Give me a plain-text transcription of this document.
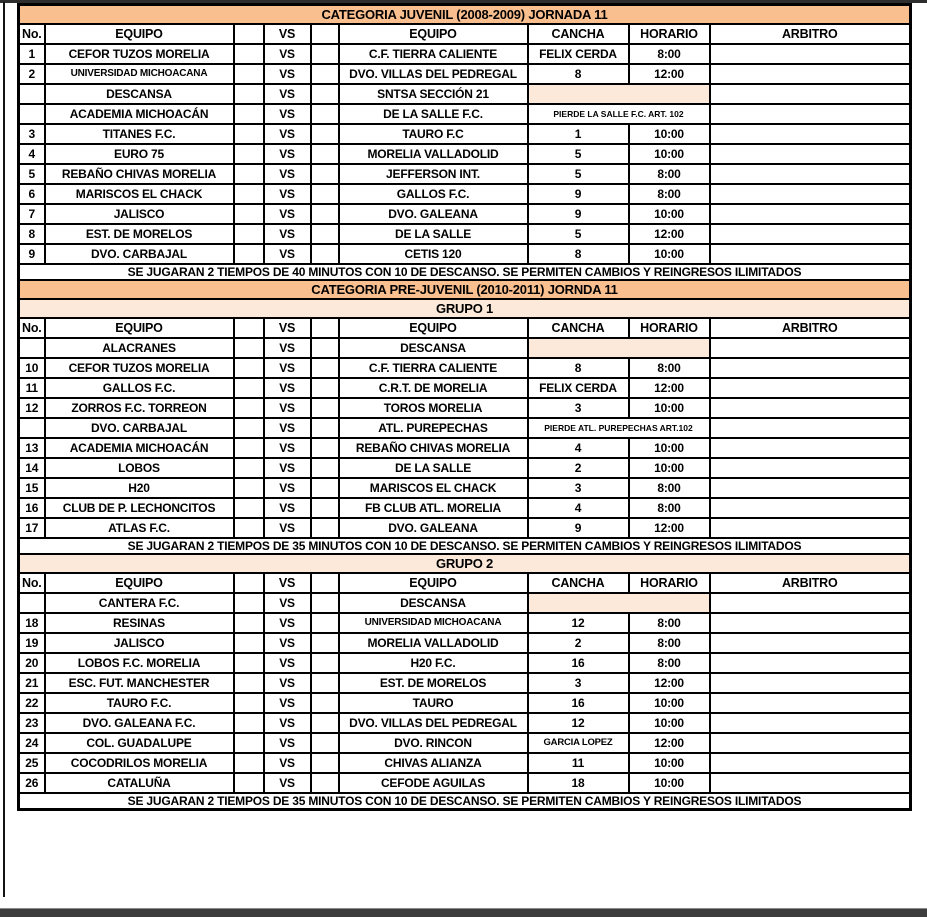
CATEGORIA JUVENIL (2008-2009) JORNADA 11								
No.	EQUIPO		VS		EQUIPO	CANCHA	HORARIO	ARBITRO
1	CEFOR TUZOS MORELIA		VS		C.F. TIERRA CALIENTE	FELIX CERDA	8:00	
2	UNIVERSIDAD MICHOACANA		VS		DVO. VILLAS DEL PEDREGAL	8	12:00	
	DESCANSA		VS		SNTSA SECCIÓN 21			
	ACADEMIA MICHOACÁN		VS		DE LA SALLE F.C.	PIERDE LA SALLE F.C. ART. 102		
3	TITANES F.C.		VS		TAURO F.C	1	10:00	
4	EURO 75		VS		MORELIA VALLADOLID	5	10:00	
5	REBAÑO CHIVAS MORELIA		VS		JEFFERSON INT.	5	8:00	
6	MARISCOS EL CHACK		VS		GALLOS F.C.	9	8:00	
7	JALISCO		VS		DVO. GALEANA	9	10:00	
8	EST. DE MORELOS		VS		DE LA SALLE	5	12:00	
9	DVO. CARBAJAL		VS		CETIS 120	8	10:00	
SE JUGARAN 2 TIEMPOS DE 40 MINUTOS CON 10 DE DESCANSO. SE PERMITEN CAMBIOS Y REINGRESOS ILIMITADOS								
CATEGORIA PRE-JUVENIL (2010-2011) JORNDA 11								
GRUPO 1								
No.	EQUIPO		VS		EQUIPO	CANCHA	HORARIO	ARBITRO
	ALACRANES		VS		DESCANSA			
10	CEFOR TUZOS MORELIA		VS		C.F. TIERRA CALIENTE	8	8:00	
11	GALLOS F.C.		VS		C.R.T. DE MORELIA	FELIX CERDA	12:00	
12	ZORROS F.C. TORREON		VS		TOROS MORELIA	3	10:00	
	DVO. CARBAJAL		VS		ATL. PUREPECHAS	PIERDE ATL. PUREPECHAS ART.102		
13	ACADEMIA MICHOACÁN		VS		REBAÑO CHIVAS MORELIA	4	10:00	
14	LOBOS		VS		DE LA SALLE	2	10:00	
15	H20		VS		MARISCOS EL CHACK	3	8:00	
16	CLUB DE P. LECHONCITOS		VS		FB CLUB ATL. MORELIA	4	8:00	
17	ATLAS F.C.		VS		DVO. GALEANA	9	12:00	
SE JUGARAN 2 TIEMPOS DE 35 MINUTOS CON 10 DE DESCANSO. SE PERMITEN CAMBIOS Y REINGRESOS ILIMITADOS								
GRUPO 2								
No.	EQUIPO		VS		EQUIPO	CANCHA	HORARIO	ARBITRO
	CANTERA F.C.		VS		DESCANSA			
18	RESINAS		VS		UNIVERSIDAD MICHOACANA	12	8:00	
19	JALISCO		VS		MORELIA VALLADOLID	2	8:00	
20	LOBOS F.C. MORELIA		VS		H20 F.C.	16	8:00	
21	ESC. FUT. MANCHESTER		VS		EST. DE MORELOS	3	12:00	
22	TAURO F.C.		VS		TAURO	16	10:00	
23	DVO. GALEANA F.C.		VS		DVO. VILLAS DEL PEDREGAL	12	10:00	
24	COL. GUADALUPE		VS		DVO. RINCON	GARCIA LOPEZ	12:00	
25	COCODRILOS MORELIA		VS		CHIVAS ALIANZA	11	10:00	
26	CATALUÑA		VS		CEFODE AGUILAS	18	10:00	
SE JUGARAN 2 TIEMPOS DE 35 MINUTOS CON 10 DE DESCANSO. SE PERMITEN CAMBIOS Y REINGRESOS ILIMITADOS								
